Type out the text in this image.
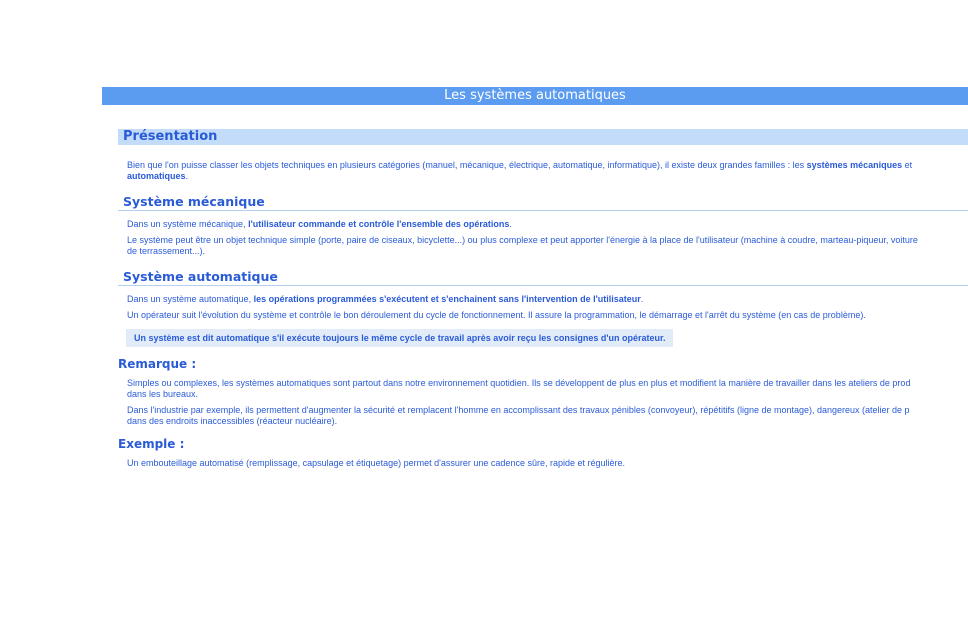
Les systèmes automatiques
Présentation

Bien que l'on puisse classer les objets techniques en plusieurs catégories (manuel, mécanique, électrique, automatique, informatique), il existe deux grandes familles : les systèmes mécaniques et
automatiques.

Système mécanique

Dans un système mécanique, l'utilisateur commande et contrôle l'ensemble des opérations.

Le système peut être un objet technique simple (porte, paire de ciseaux, bicyclette...) ou plus complexe et peut apporter l'énergie à la place de l'utilisateur (machine à coudre, marteau-piqueur, voiture
de terrassement...).

Système automatique

Dans un système automatique, les opérations programmées s'exécutent et s'enchainent sans l'intervention de l'utilisateur.

Un opérateur suit l'évolution du système et contrôle le bon déroulement du cycle de fonctionnement. Il assure la programmation, le démarrage et l'arrêt du système (en cas de problème).

Un système est dit automatique s'il exécute toujours le même cycle de travail après avoir reçu les consignes d'un opérateur.
Remarque :

Simples ou complexes, les systèmes automatiques sont partout dans notre environnement quotidien. Ils se développent de plus en plus et modifient la manière de travailler dans les ateliers de prod
dans les bureaux.

Dans l'industrie par exemple, ils permettent d'augmenter la sécurité et remplacent l'homme en accomplissant des travaux pénibles (convoyeur), répétitifs (ligne de montage), dangereux (atelier de p
dans des endroits inaccessibles (réacteur nucléaire).

Exemple :

Un embouteillage automatisé (remplissage, capsulage et étiquetage) permet d'assurer une cadence sûre, rapide et régulière.
